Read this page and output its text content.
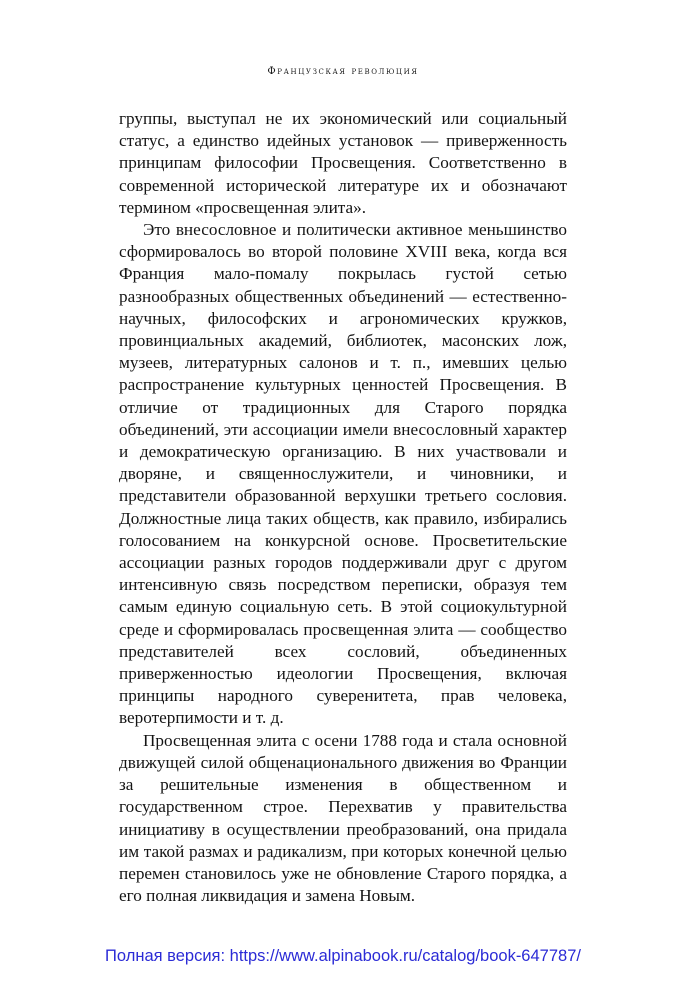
Французская революция

группы, выступал не их экономический или социальный статус, а единство идейных установок — приверженность принципам философии Просвещения. Соответственно в современной исторической литературе их и обозначают термином «просвещенная элита».

Это внесословное и политически активное меньшинство сформировалось во второй половине XVIII века, когда вся Франция мало-помалу покрылась густой сетью разнообразных общественных объединений — естественно-научных, философских и агрономических кружков, провинциальных академий, библиотек, масонских лож, музеев, литературных салонов и т. п., имевших целью распространение культурных ценностей Просвещения. В отличие от традиционных для Старого порядка объединений, эти ассоциации имели внесословный характер и демократическую организацию. В них участвовали и дворяне, и священнослужители, и чиновники, и представители образованной верхушки третьего сословия. Должностные лица таких обществ, как правило, избирались голосованием на конкурсной основе. Просветительские ассоциации разных городов поддерживали друг с другом интенсивную связь посредством переписки, образуя тем самым единую социальную сеть. В этой социокультурной среде и сформировалась просвещенная элита — сообщество представителей всех сословий, объединенных приверженностью идеологии Просвещения, включая принципы народного суверенитета, прав человека, веротерпимости и т. д.

Просвещенная элита с осени 1788 года и стала основной движущей силой общенационального движения во Франции за решительные изменения в общественном и государственном строе. Перехватив у правительства инициативу в осуществлении преобразований, она придала им такой размах и радикализм, при которых конечной целью перемен становилось уже не обновление Старого порядка, а его полная ликвидация и замена Новым.

Полная версия: https://www.alpinabook.ru/catalog/book-647787/
